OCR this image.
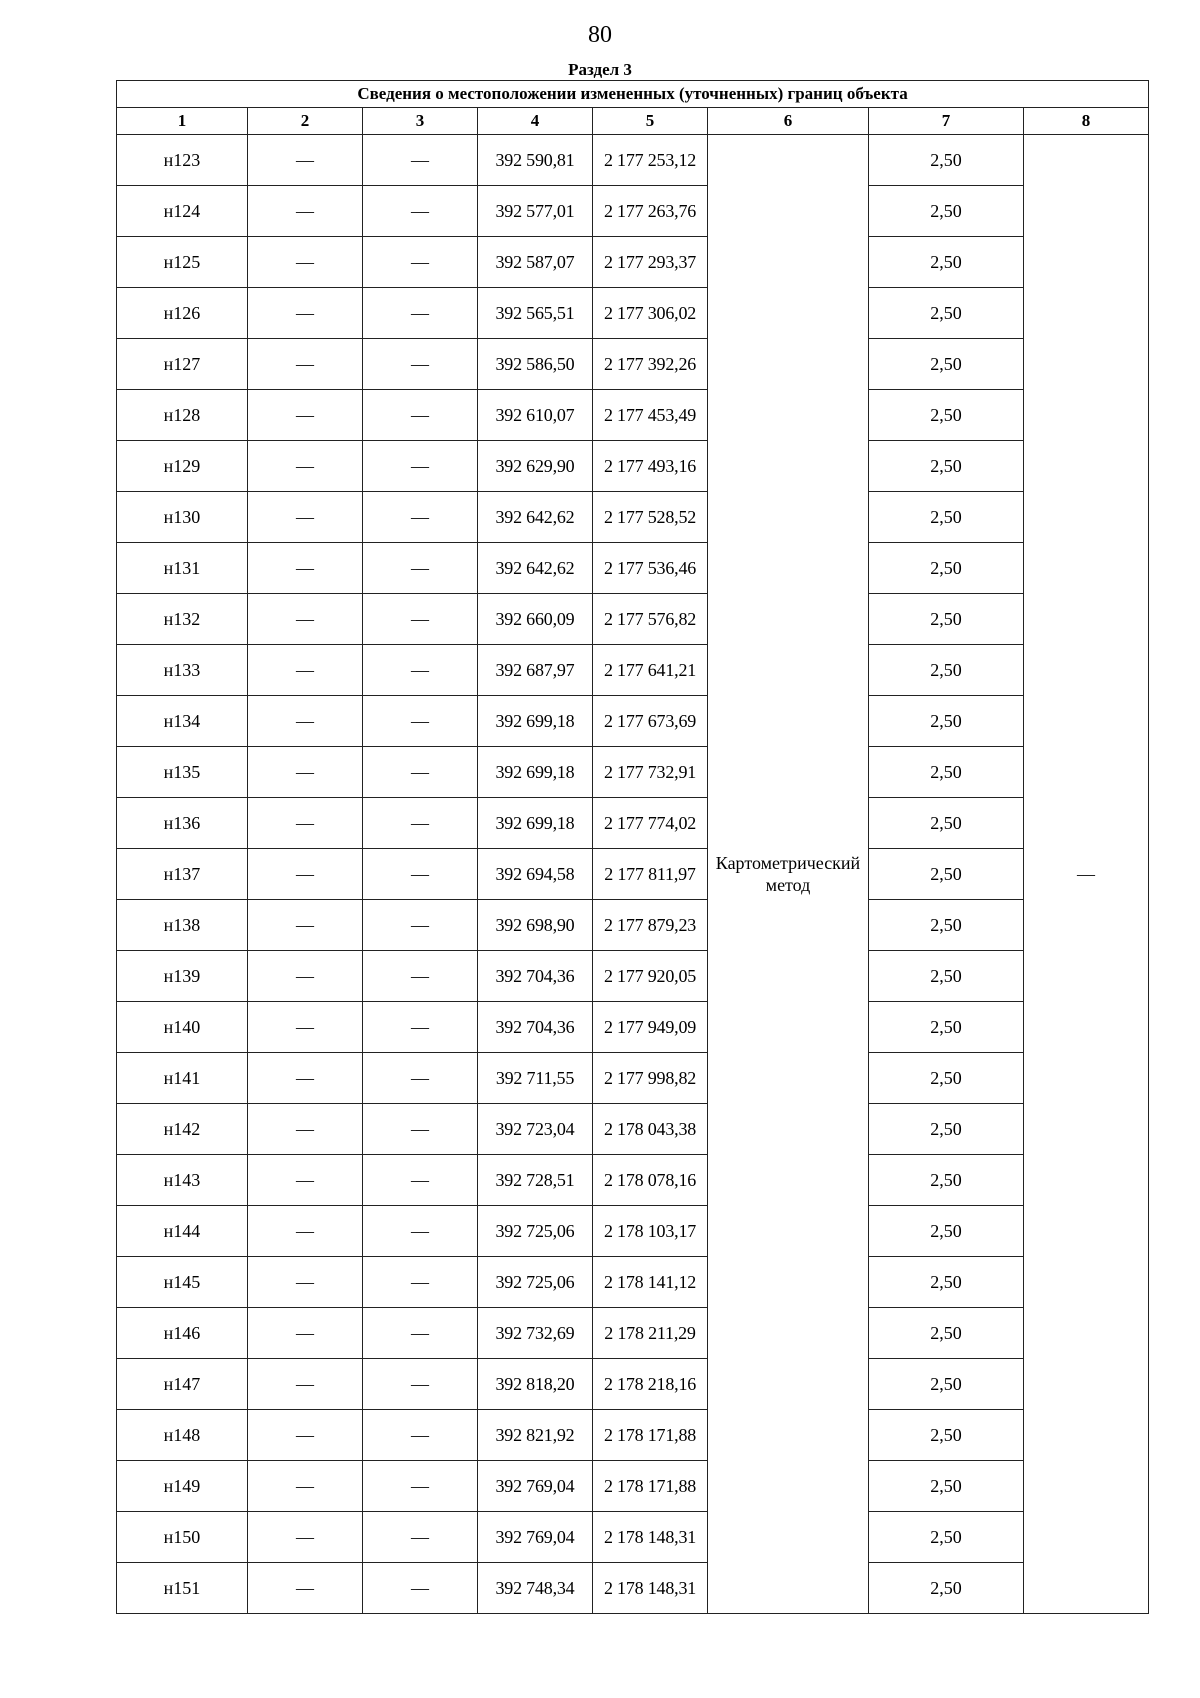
80
Раздел 3
Сведения о местоположении измененных (уточненных) границ объекта							
1	2	3	4	5	6	7	8
н123	—	—	392 590,81	2 177 253,12	Картометрический метод	2,50	—
н124	—	—	392 577,01	2 177 263,76		2,50	
н125	—	—	392 587,07	2 177 293,37		2,50	
н126	—	—	392 565,51	2 177 306,02		2,50	
н127	—	—	392 586,50	2 177 392,26		2,50	
н128	—	—	392 610,07	2 177 453,49		2,50	
н129	—	—	392 629,90	2 177 493,16		2,50	
н130	—	—	392 642,62	2 177 528,52		2,50	
н131	—	—	392 642,62	2 177 536,46		2,50	
н132	—	—	392 660,09	2 177 576,82		2,50	
н133	—	—	392 687,97	2 177 641,21		2,50	
н134	—	—	392 699,18	2 177 673,69		2,50	
н135	—	—	392 699,18	2 177 732,91		2,50	
н136	—	—	392 699,18	2 177 774,02		2,50	
н137	—	—	392 694,58	2 177 811,97		2,50	
н138	—	—	392 698,90	2 177 879,23		2,50	
н139	—	—	392 704,36	2 177 920,05		2,50	
н140	—	—	392 704,36	2 177 949,09		2,50	
н141	—	—	392 711,55	2 177 998,82		2,50	
н142	—	—	392 723,04	2 178 043,38		2,50	
н143	—	—	392 728,51	2 178 078,16		2,50	
н144	—	—	392 725,06	2 178 103,17		2,50	
н145	—	—	392 725,06	2 178 141,12		2,50	
н146	—	—	392 732,69	2 178 211,29		2,50	
н147	—	—	392 818,20	2 178 218,16		2,50	
н148	—	—	392 821,92	2 178 171,88		2,50	
н149	—	—	392 769,04	2 178 171,88		2,50	
н150	—	—	392 769,04	2 178 148,31		2,50	
н151	—	—	392 748,34	2 178 148,31		2,50	
